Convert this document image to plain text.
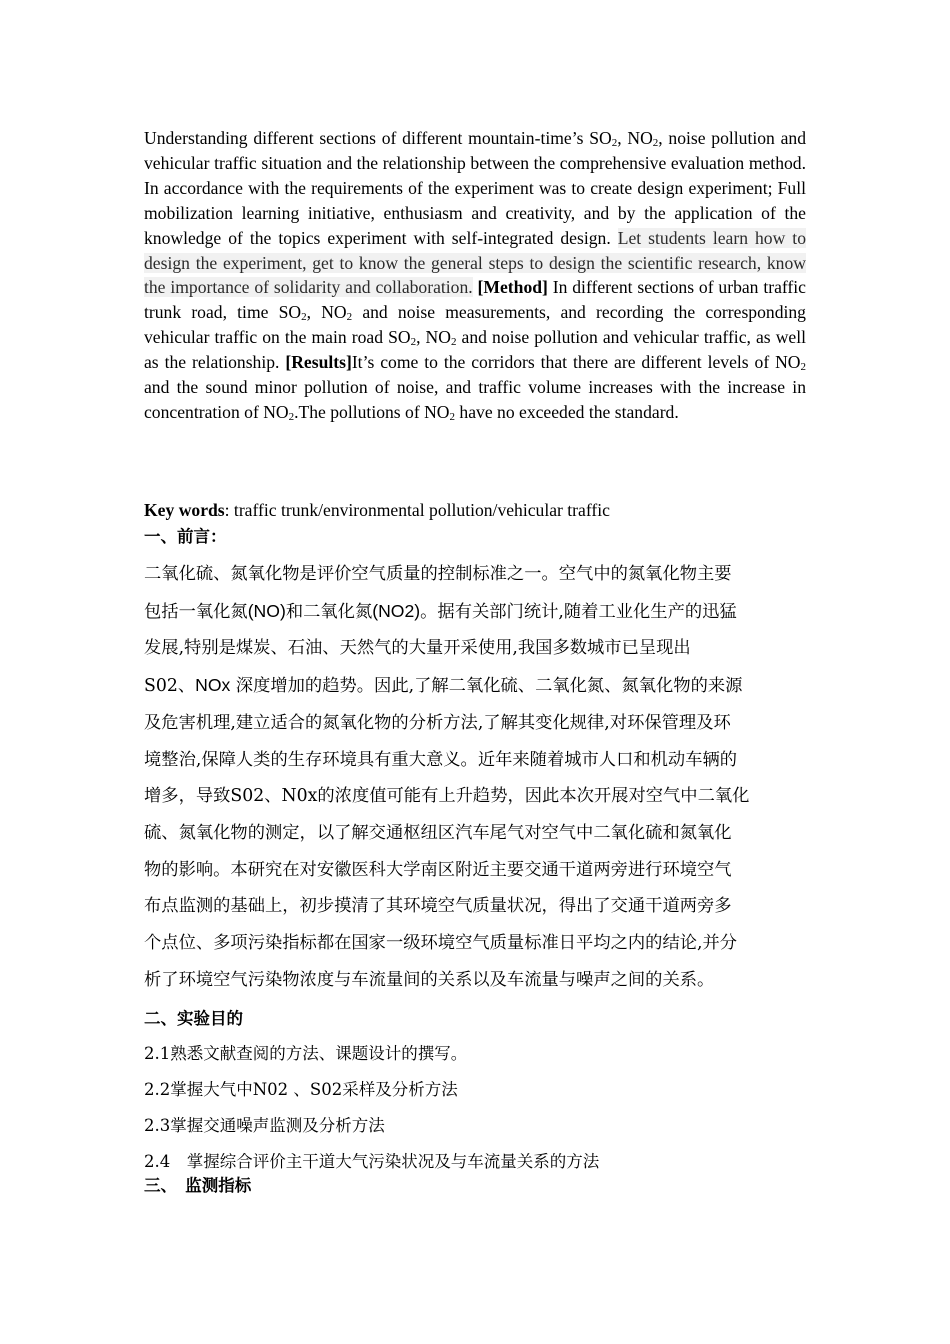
Understanding different sections of different mountain-time’s $SO_2$, $NO_2$, noise pollution and vehicular traffic situation and the relationship between the comprehensive evaluation method. In accordance with the requirements of the experiment was to create design experiment; Full mobilization learning initiative, enthusiasm and creativity, and by the application of the knowledge of the topics experiment with self-integrated design. Let students learn how to design the experiment, get to know the general steps to design the scientific research, know the importance of solidarity and collaboration. [Method] In different sections of urban traffic trunk road, time $SO_2$, $NO_2$ and noise measurements, and recording the corresponding vehicular traffic on the main road $SO_2$, $NO_2$ and noise pollution and vehicular traffic, as well as the relationship. [Results]It’s come to the corridors that there are different levels of $NO_2$ and the sound minor pollution of noise, and traffic volume increases with the increase in concentration of $NO_2.The$ pollutions of $NO_2$ have no exceeded the standard.

Key words: traffic trunk/environmental pollution/vehicular traffic

一、前言：

二氧化硫、氮氧化物是评价空气质量的控制标准之一。空气中的氮氧化物主要
包括一氧化氮(NO)和二氧化氮(NO2)。据有关部门统计,随着工业化生产的迅猛
发展,特别是煤炭、石油、天然气的大量开采使用,我国多数城市已呈现出
S02、NOx 深度增加的趋势。因此,了解二氧化硫、二氧化氮、氮氧化物的来源
及危害机理,建立适合的氮氧化物的分析方法,了解其变化规律,对环保管理及环
境整治,保障人类的生存环境具有重大意义。近年来随着城市人口和机动车辆的
增多，导致S02、N0x的浓度值可能有上升趋势，因此本次开展对空气中二氧化
硫、氮氧化物的测定，以了解交通枢纽区汽车尾气对空气中二氧化硫和氮氧化
物的影响。本研究在对安徽医科大学南区附近主要交通干道两旁进行环境空气
布点监测的基础上，初步摸清了其环境空气质量状况，得出了交通干道两旁多
个点位、多项污染指标都在国家一级环境空气质量标准日平均之内的结论,并分
析了环境空气污染物浓度与车流量间的关系以及车流量与噪声之间的关系。

二、实验目的

2.1熟悉文献查阅的方法、课题设计的撰写。

2.2掌握大气中N02 、S02采样及分析方法

2.3掌握交通噪声监测及分析方法

2.4　掌握综合评价主干道大气污染状况及与车流量关系的方法

三、　监测指标
